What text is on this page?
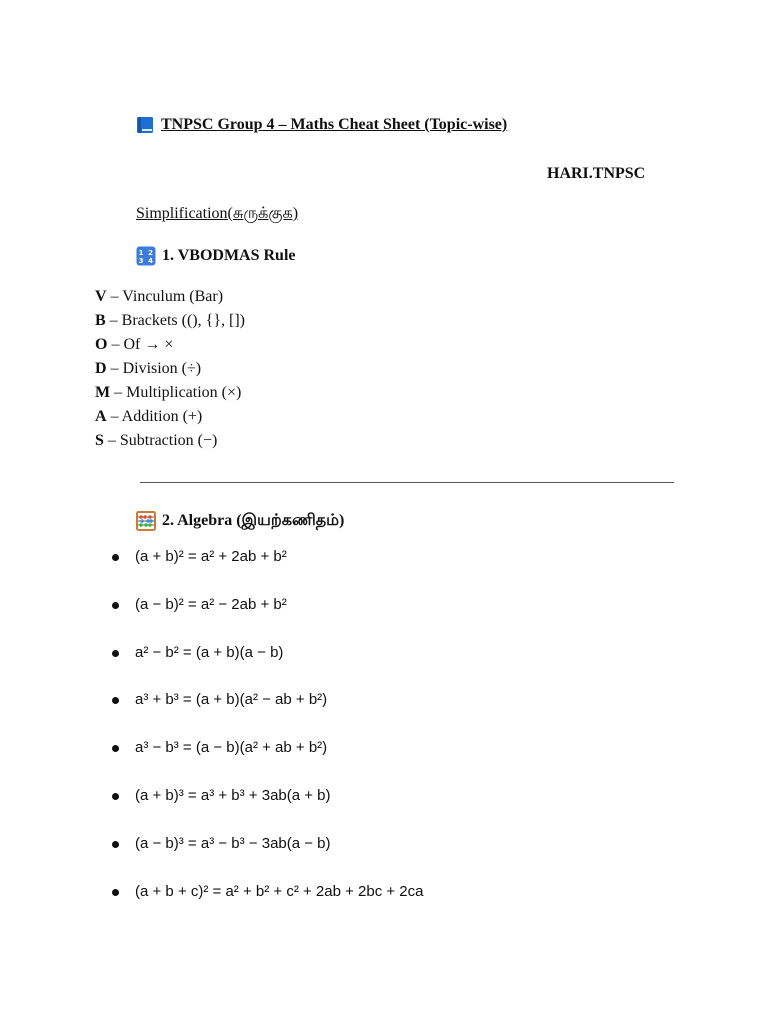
TNPSC Group 4 – Maths Cheat Sheet (Topic-wise)
HARI.TNPSC
Simplification(சுருக்குக)
1 2
3 4 1. VBODMAS Rule
V – Vinculum (Bar)
B – Brackets ((), {}, [])
O – Of → ×
D – Division (÷)
M – Multiplication (×)
A – Addition (+)
S – Subtraction (−)
2. Algebra (இயற்கணிதம்)
(a + b)² = a² + 2ab + b²
(a − b)² = a² − 2ab + b²
a² − b² = (a + b)(a − b)
a³ + b³ = (a + b)(a² − ab + b²)
a³ − b³ = (a − b)(a² + ab + b²)
(a + b)³ = a³ + b³ + 3ab(a + b)
(a − b)³ = a³ − b³ − 3ab(a − b)
(a + b + c)² = a² + b² + c² + 2ab + 2bc + 2ca
